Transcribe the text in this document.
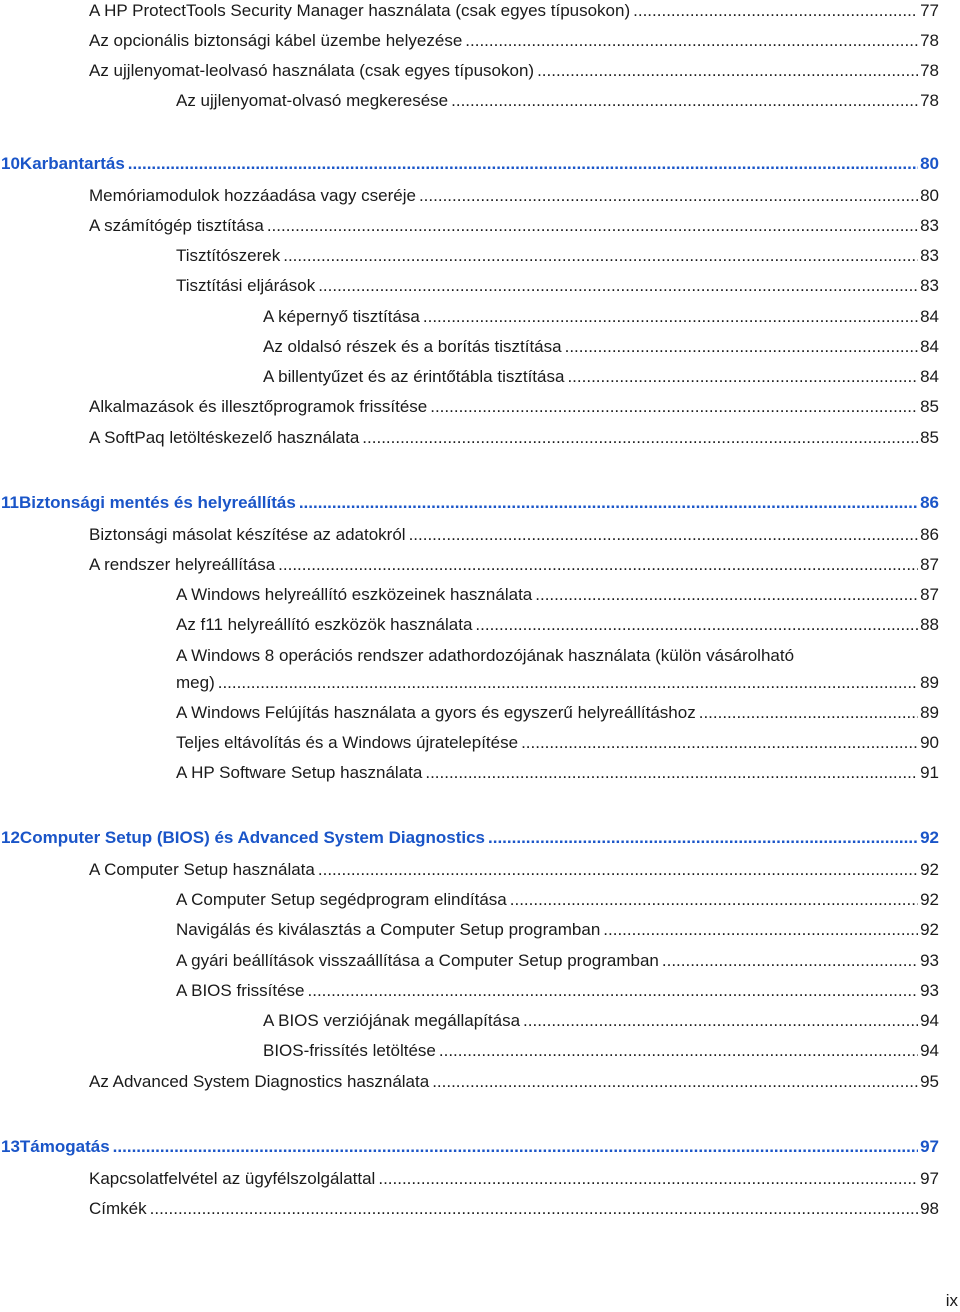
A HP ProtectTools Security Manager használata (csak egyes típusokon) .....	77
Az opcionális biztonsági kábel üzembe helyezése .....	78
Az ujjlenyomat-leolvasó használata (csak egyes típusokon) .....	78
Az ujjlenyomat-olvasó megkeresése .....	78
10 Karbantartás .....	80
Memóriamodulok hozzáadása vagy cseréje .....	80
A számítógép tisztítása .....	83
Tisztítószerek .....	83
Tisztítási eljárások .....	83
A képernyő tisztítása .....	84
Az oldalsó részek és a borítás tisztítása .....	84
A billentyűzet és az érintőtábla tisztítása .....	84
Alkalmazások és illesztőprogramok frissítése .....	85
A SoftPaq letöltéskezelő használata .....	85
11 Biztonsági mentés és helyreállítás .....	86
Biztonsági másolat készítése az adatokról .....	86
A rendszer helyreállítása .....	87
A Windows helyreállító eszközeinek használata .....	87
Az f11 helyreállító eszközök használata .....	88
A Windows 8 operációs rendszer adathordozójának használata (külön vásárolható
meg) .....	89
A Windows Felújítás használata a gyors és egyszerű helyreállításhoz .....	89
Teljes eltávolítás és a Windows újratelepítése .....	90
A HP Software Setup használata .....	91
12 Computer Setup (BIOS) és Advanced System Diagnostics .....	92
A Computer Setup használata .....	92
A Computer Setup segédprogram elindítása .....	92
Navigálás és kiválasztás a Computer Setup programban .....	92
A gyári beállítások visszaállítása a Computer Setup programban .....	93
A BIOS frissítése .....	93
A BIOS verziójának megállapítása .....	94
BIOS-frissítés letöltése .....	94
Az Advanced System Diagnostics használata .....	95
13 Támogatás .....	97
Kapcsolatfelvétel az ügyfélszolgálattal .....	97
Címkék .....	98
ix
